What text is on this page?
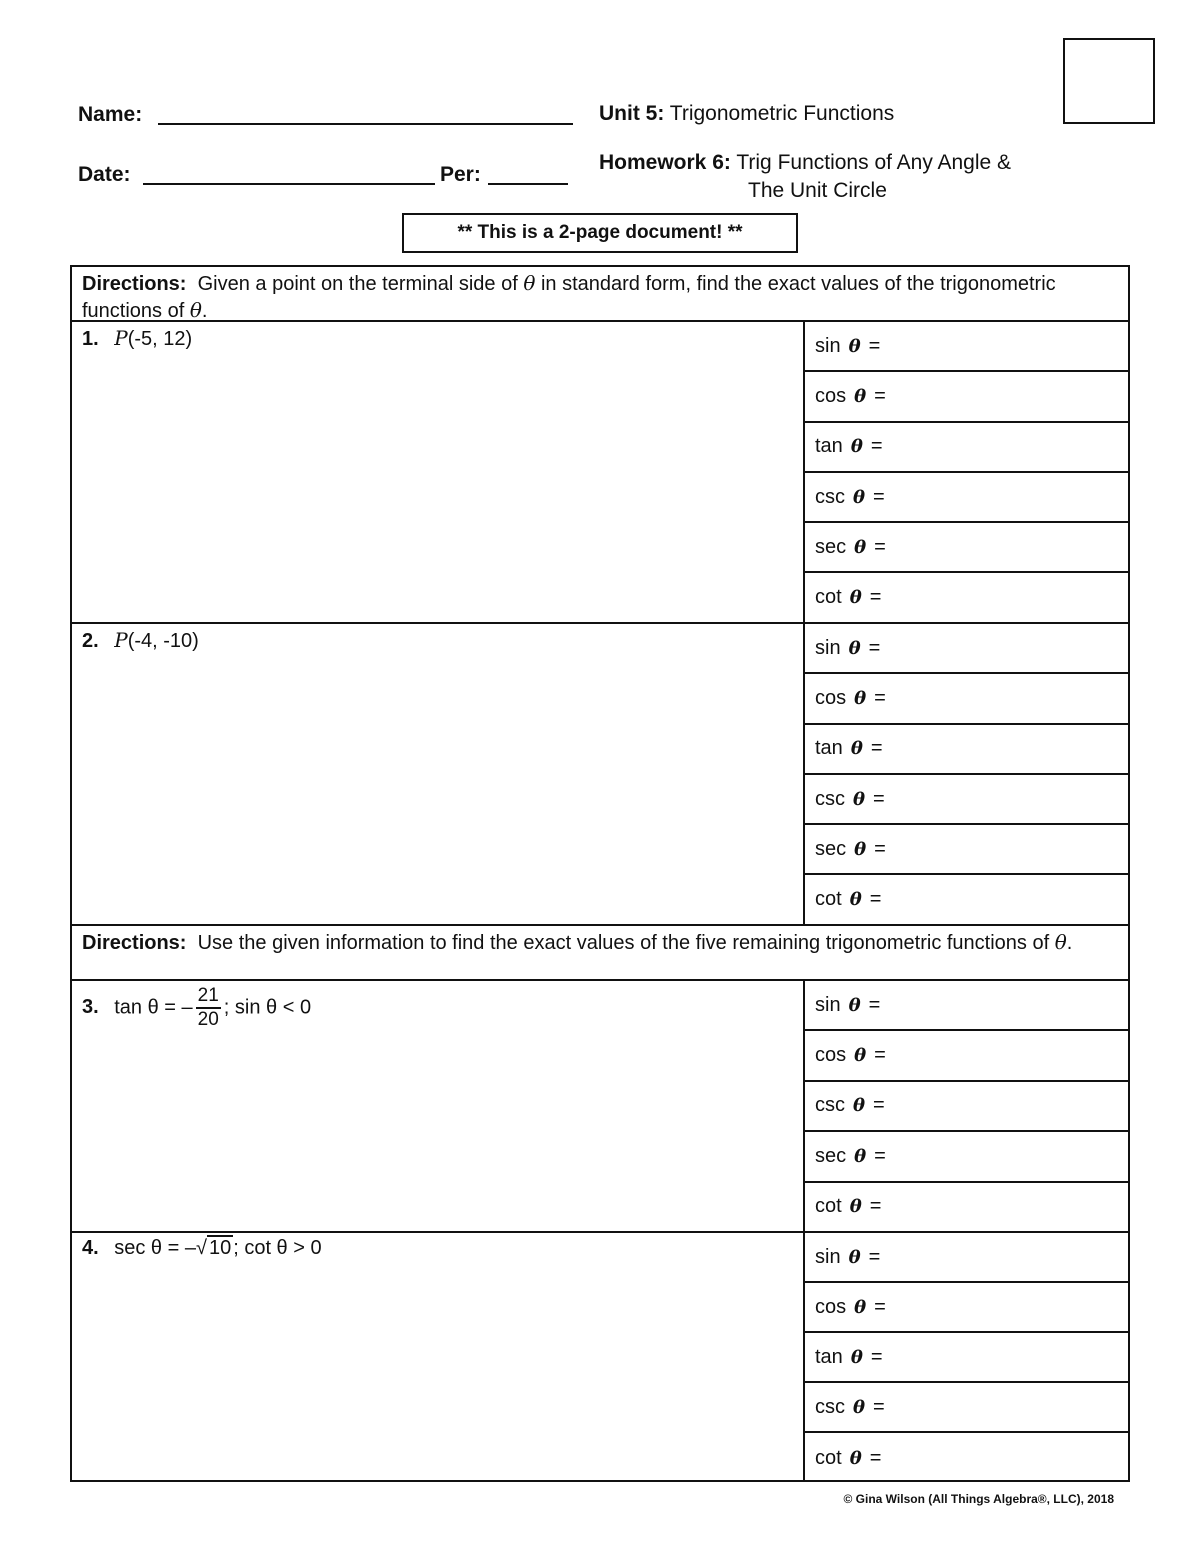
Name:
Date:	Per:
Unit 5: Trigonometric Functions
Homework 6: Trig Functions of Any Angle &
The Unit Circle
** This is a 2-page document! **
Directions: Given a point on the terminal side of θ in standard form, find the exact values of the trigonometric functions of θ.
1. P(-5, 12)	sin θ =
cos θ =
tan θ =
csc θ =
sec θ =
cot θ =
2. P(-4, -10)	sin θ =
cos θ =
tan θ =
csc θ =
sec θ =
cot θ =
Directions: Use the given information to find the exact values of the five remaining trigonometric functions of θ.
3. tan θ = – $\frac{21}{20}$ ; sin θ < 0	sin θ =
cos θ =
csc θ =
sec θ =
cot θ =
4. sec θ = –√ 10 ; cot θ > 0	sin θ =
cos θ =
tan θ =
csc θ =
cot θ =
© Gina Wilson (All Things Algebra®, LLC), 2018
